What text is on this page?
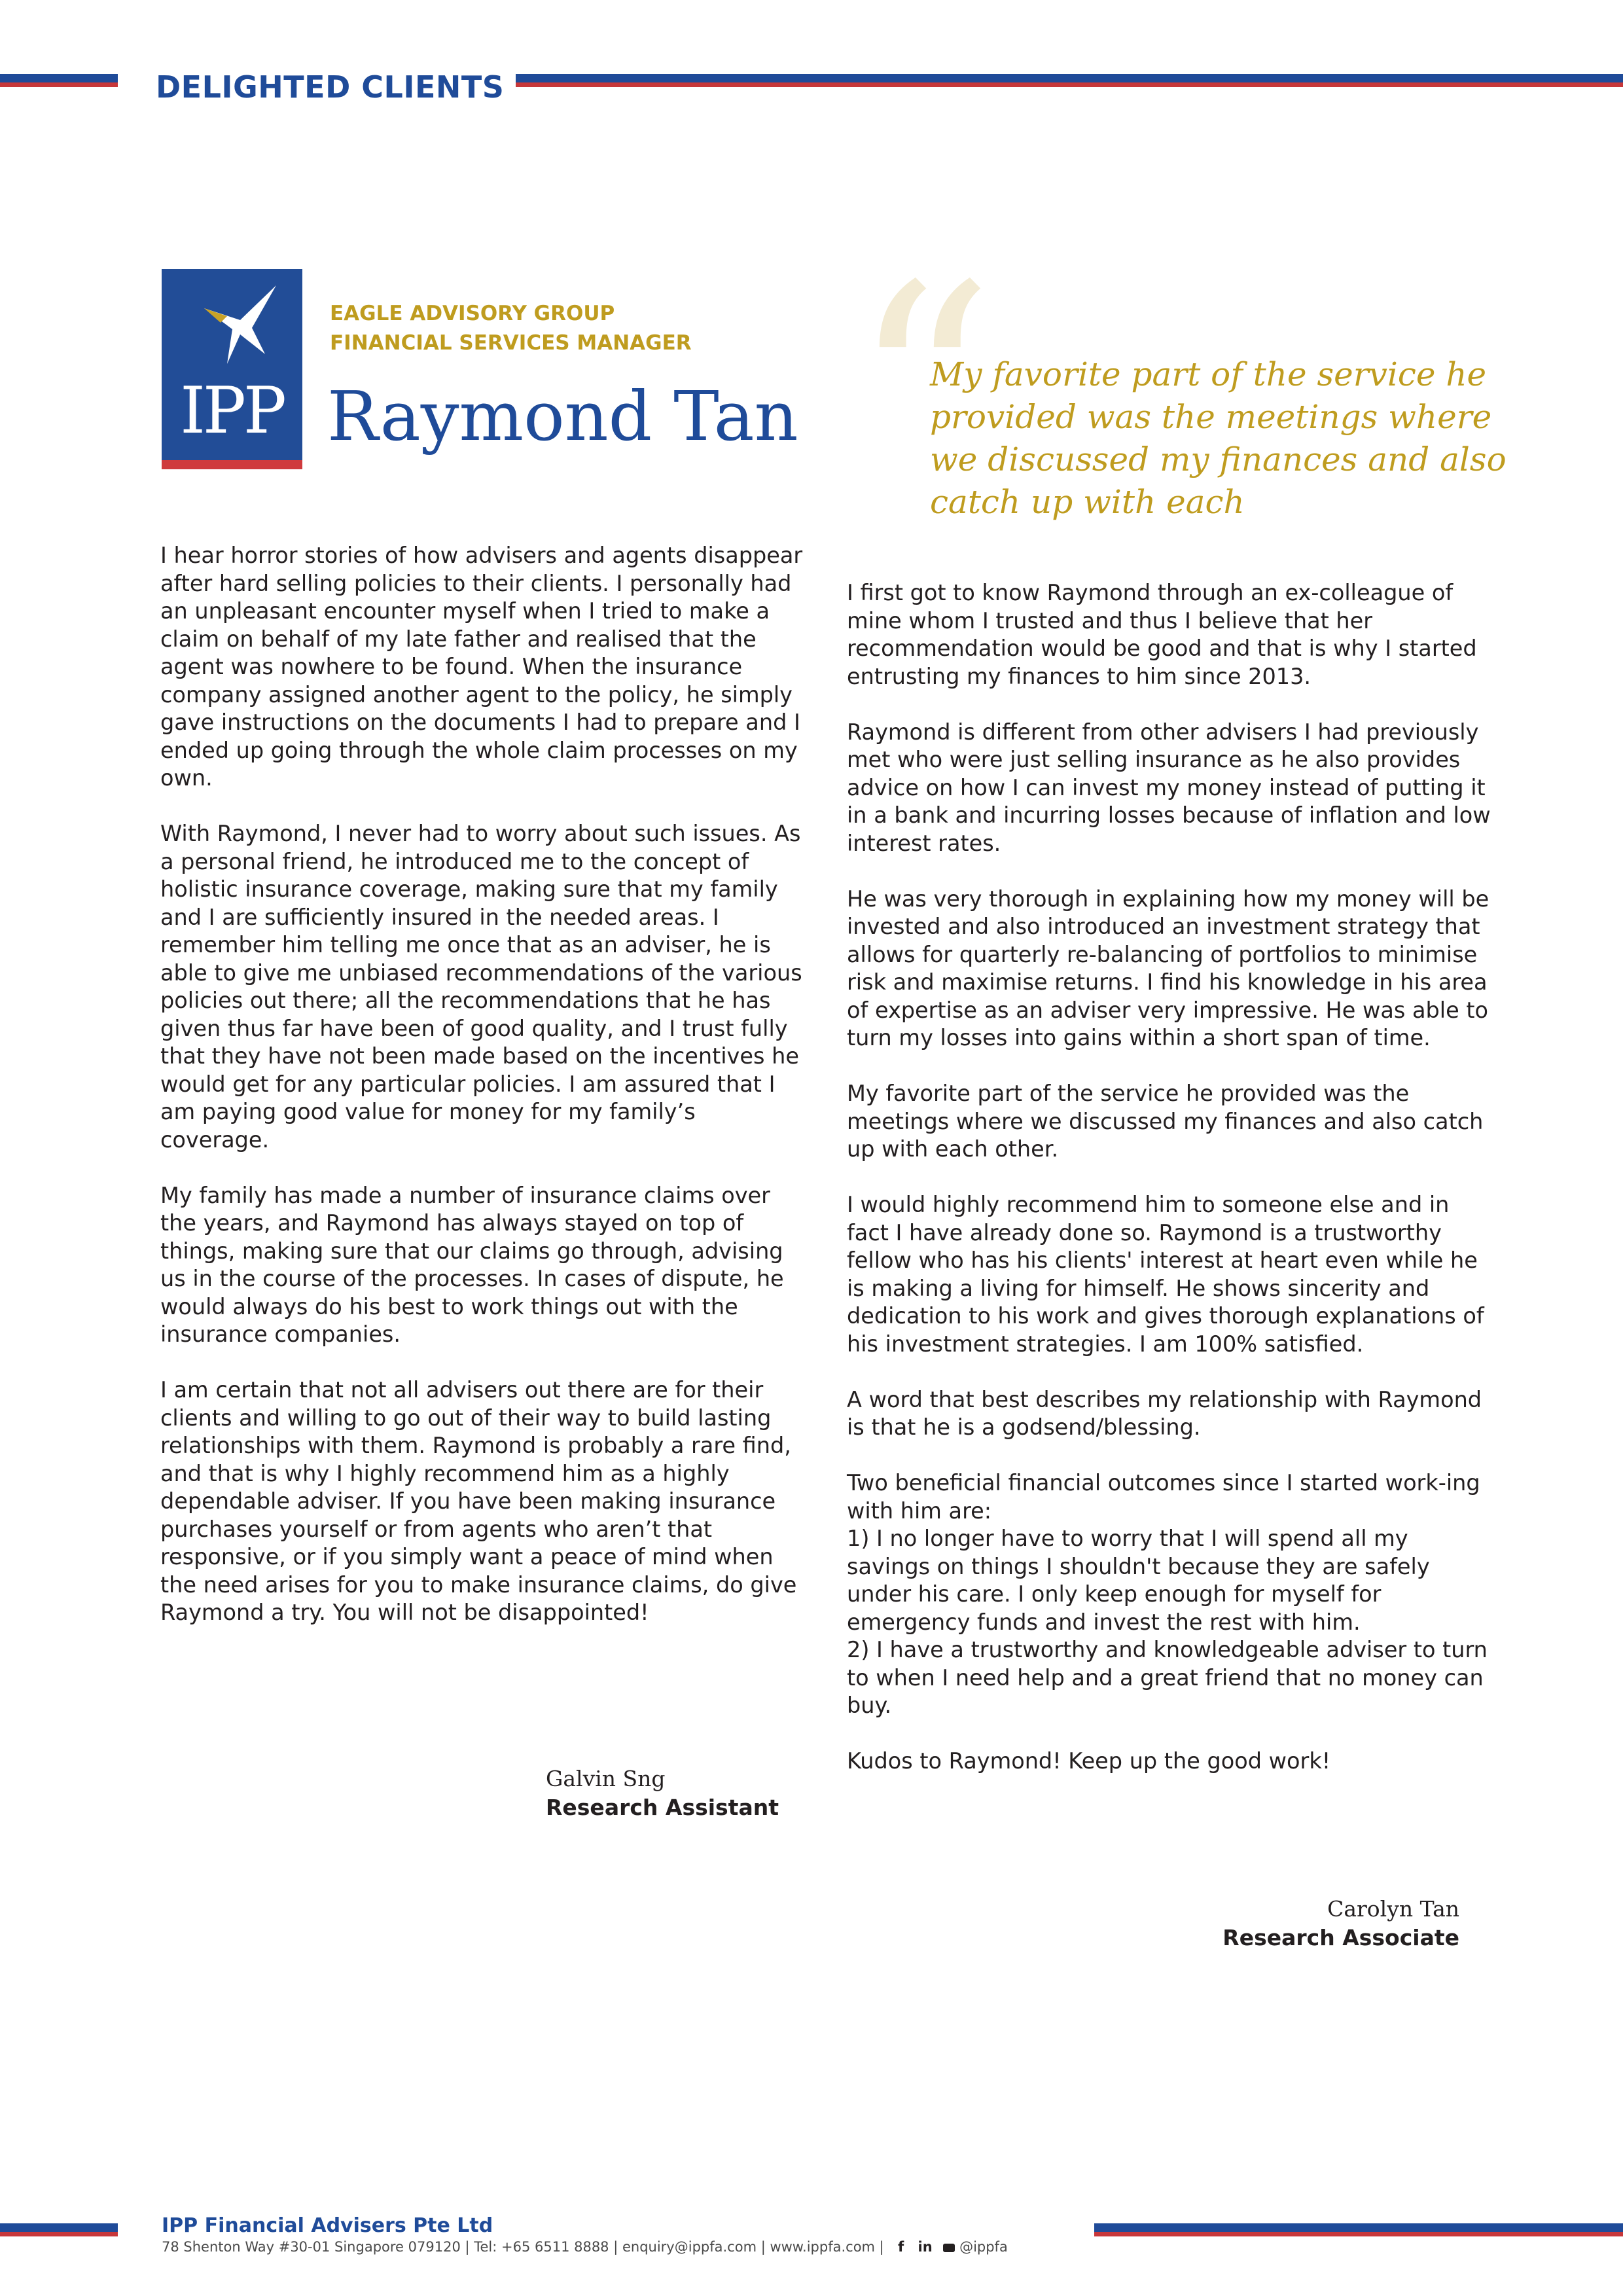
DELIGHTED CLIENTS
IPP
EAGLE ADVISORY GROUP
FINANCIAL SERVICES MANAGER
Raymond Tan “
My favorite part of the service he provided was the meetings where we discussed my finances and also catch up with each

I hear horror stories of how advisers and agents disappear after hard selling policies to their clients. I personally had an unpleasant encounter myself when I tried to make a claim on behalf of my late father and realised that the agent was nowhere to be found. When the insurance company assigned another agent to the policy, he simply gave instructions on the documents I had to prepare and I ended up going through the whole claim processes on my own.

With Raymond, I never had to worry about such issues. As a personal friend, he introduced me to the concept of holistic insurance coverage, making sure that my family and I are sufficiently insured in the needed areas. I remember him telling me once that as an adviser, he is able to give me unbiased recommendations of the various policies out there; all the recommendations that he has given thus far have been of good quality, and I trust fully that they have not been made based on the incentives he would get for any particular policies. I am assured that I am paying good value for money for my family’s coverage.

My family has made a number of insurance claims over the years, and Raymond has always stayed on top of things, making sure that our claims go through, advising us in the course of the processes. In cases of dispute, he would always do his best to work things out with the insurance companies.

I am certain that not all advisers out there are for their clients and willing to go out of their way to build lasting relationships with them. Raymond is probably a rare find, and that is why I highly recommend him as a highly dependable adviser. If you have been making insurance purchases yourself or from agents who aren’t that responsive, or if you simply want a peace of mind when the need arises for you to make insurance claims, do give Raymond a try. You will not be disappointed!

Galvin Sng
Research Assistant

I first got to know Raymond through an ex-colleague of mine whom I trusted and thus I believe that her recommendation would be good and that is why I started entrusting my finances to him since 2013.

Raymond is different from other advisers I had previously met who were just selling insurance as he also provides advice on how I can invest my money instead of putting it in a bank and incurring losses because of inflation and low interest rates.

He was very thorough in explaining how my money will be invested and also introduced an investment strategy that allows for quarterly re-balancing of portfolios to minimise risk and maximise returns. I find his knowledge in his area of expertise as an adviser very impressive. He was able to turn my losses into gains within a short span of time.

My favorite part of the service he provided was the meetings where we discussed my finances and also catch up with each other.

I would highly recommend him to someone else and in fact I have already done so. Raymond is a trustworthy fellow who has his clients' interest at heart even while he is making a living for himself. He shows sincerity and dedication to his work and gives thorough explanations of his investment strategies. I am 100% satisfied.

A word that best describes my relationship with Raymond is that he is a godsend/blessing.

Two beneficial financial outcomes since I started work-ing with him are:
1) I no longer have to worry that I will spend all my savings on things I shouldn't because they are safely under his care. I only keep enough for myself for emergency funds and invest the rest with him.
2) I have a trustworthy and knowledgeable adviser to turn to when I need help and a great friend that no money can buy.

Kudos to Raymond! Keep up the good work!

Carolyn Tan
Research Associate
IPP Financial Advisers Pte Ltd
78 Shenton Way #30-01 Singapore 079120 | Tel: +65 6511 8888 | enquiry@ippfa.com | www.ippfa.com |   f   in @ippfa
